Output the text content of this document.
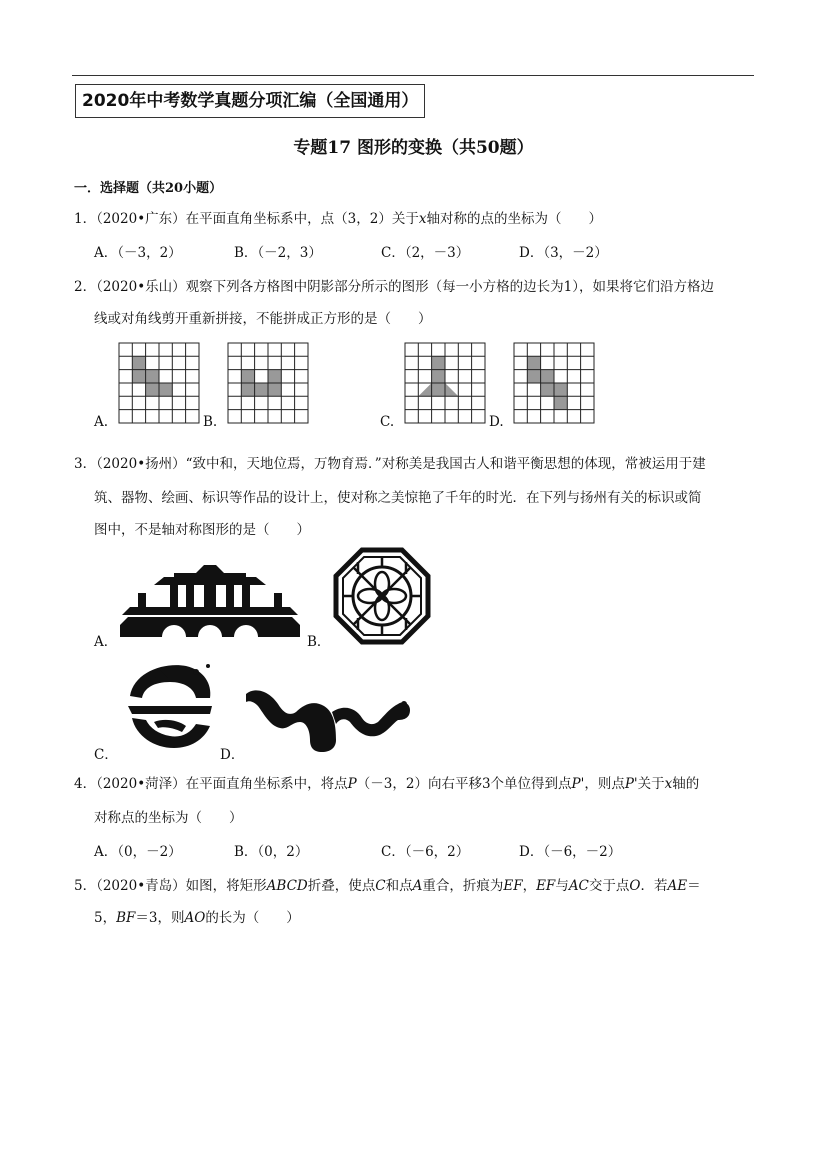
2020年中考数学真题分项汇编（全国通用）
专题17 图形的变换（共50题）
一．选择题（共20小题）
1．（2020•广东）在平面直角坐标系中，点（3，2）关于x轴对称的点的坐标为（　　）
A．（－3，2）	B．（－2，3）	C．（2，－3）	D．（3，－2）
2．（2020•乐山）观察下列各方格图中阴影部分所示的图形（每一小方格的边长为1），如果将它们沿方格边
线或对角线剪开重新拼接，不能拼成正方形的是（　　）
A.	B.	C.	D.
3．（2020•扬州）“致中和，天地位焉，万物育焉．”对称美是我国古人和谐平衡思想的体现，常被运用于建
筑、器物、绘画、标识等作品的设计上，使对称之美惊艳了千年的时光．在下列与扬州有关的标识或简
图中，不是轴对称图形的是（　　）
A．	B．
C．	D．
4．（2020•菏泽）在平面直角坐标系中，将点P（－3，2）向右平移3个单位得到点P'，则点P'关于x轴的
对称点的坐标为（　　）
A．（0，－2）	B．（0，2）	C．（－6，2）	D．（－6，－2）
5．（2020•青岛）如图，将矩形ABCD折叠，使点C和点A重合，折痕为EF，EF与AC交于点O．若AE＝
5，BF＝3，则AO的长为（　　）
